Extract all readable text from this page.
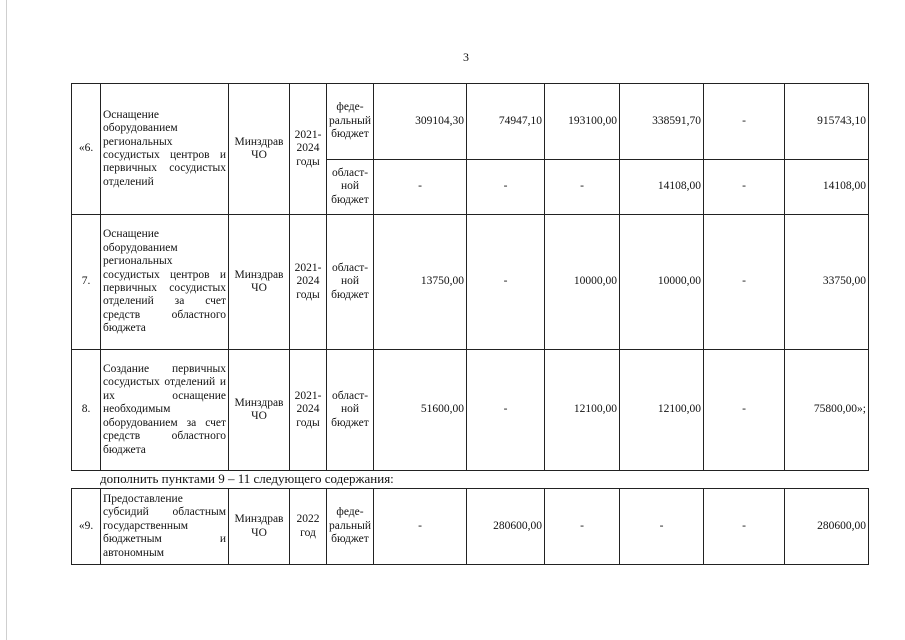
3
«6.	Оснащение оборудованием региональных сосудистых центров и первичных сосудистых отделений	Минздрав ЧО	2021-2024 годы	феде-ральный бюджет	309104,30	74947,10	193100,00	338591,70	-	915743,10
				област-ной бюджет	-	-	-	14108,00	-	14108,00
7.	Оснащение оборудованием региональных сосудистых центров и первичных сосудистых отделений за счет средств областного бюджета	Минздрав ЧО	2021-2024 годы	област-ной бюджет	13750,00	-	10000,00	10000,00	-	33750,00
8.	Создание первичных сосудистых отделений и их оснащение необходимым оборудованием за счет средств областного бюджета	Минздрав ЧО	2021-2024 годы	област-ной бюджет	51600,00	-	12100,00	12100,00	-	75800,00»;
дополнить пунктами 9 – 11 следующего содержания:
«9.	Предоставление субсидий областным государственным бюджетным и автономным	Минздрав ЧО	2022 год	феде-ральный бюджет	-	280600,00	-	-	-	280600,00
